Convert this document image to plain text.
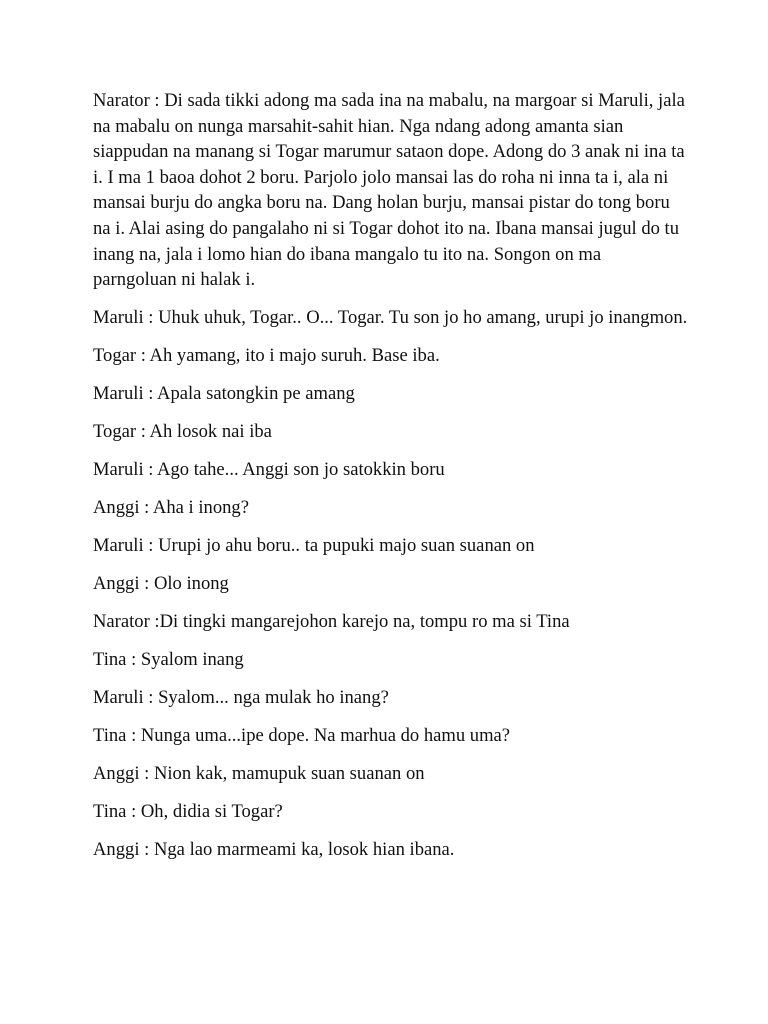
Narator : Di sada tikki adong ma sada ina na mabalu, na margoar si Maruli, jala na mabalu on nunga marsahit-sahit hian. Nga ndang adong amanta sian siappudan na manang si Togar marumur sataon dope. Adong do 3 anak ni ina ta i. I ma 1 baoa dohot 2 boru. Parjolo jolo mansai las do roha ni inna ta i, ala ni mansai burju do angka boru na. Dang holan burju, mansai pistar do tong boru na i. Alai asing do pangalaho ni si Togar dohot ito na. Ibana mansai jugul do tu inang na, jala i lomo hian do ibana mangalo tu ito na. Songon on ma parngoluan ni halak i.

Maruli : Uhuk uhuk, Togar.. O... Togar. Tu son jo ho amang, urupi jo inangmon.

Togar : Ah yamang, ito i majo suruh. Base iba.

Maruli : Apala satongkin pe amang

Togar : Ah losok nai iba

Maruli : Ago tahe... Anggi son jo satokkin boru

Anggi : Aha i inong?

Maruli : Urupi jo ahu boru.. ta pupuki majo suan suanan on

Anggi : Olo inong

Narator :Di tingki mangarejohon karejo na, tompu ro ma si Tina

Tina : Syalom inang

Maruli : Syalom... nga mulak ho inang?

Tina : Nunga uma...ipe dope. Na marhua do hamu uma?

Anggi : Nion kak, mamupuk suan suanan on

Tina : Oh, didia si Togar?

Anggi : Nga lao marmeami ka, losok hian ibana.
